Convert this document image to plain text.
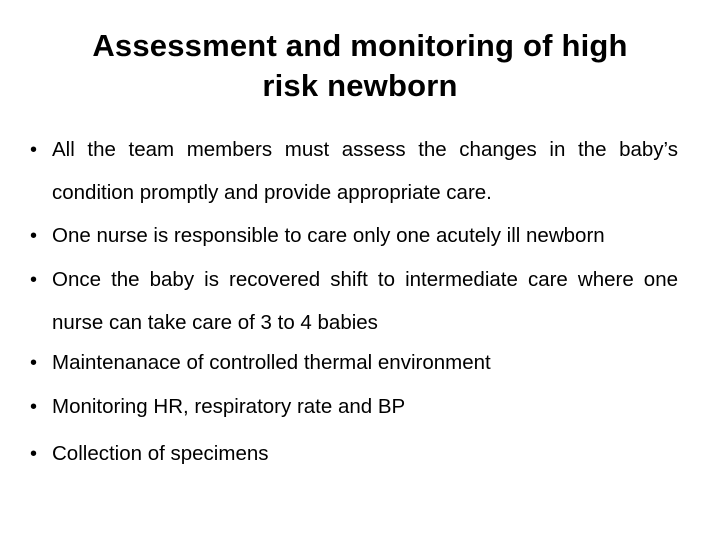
Assessment and monitoring of high
risk newborn
• All the team members must assess the changes in the baby’s condition promptly and provide appropriate care.
• One nurse is responsible to care only one acutely ill newborn
• Once the baby is recovered shift to intermediate care where one nurse can take care of 3 to 4 babies
• Maintenanace of controlled thermal environment
• Monitoring HR, respiratory rate and BP
• Collection of specimens
